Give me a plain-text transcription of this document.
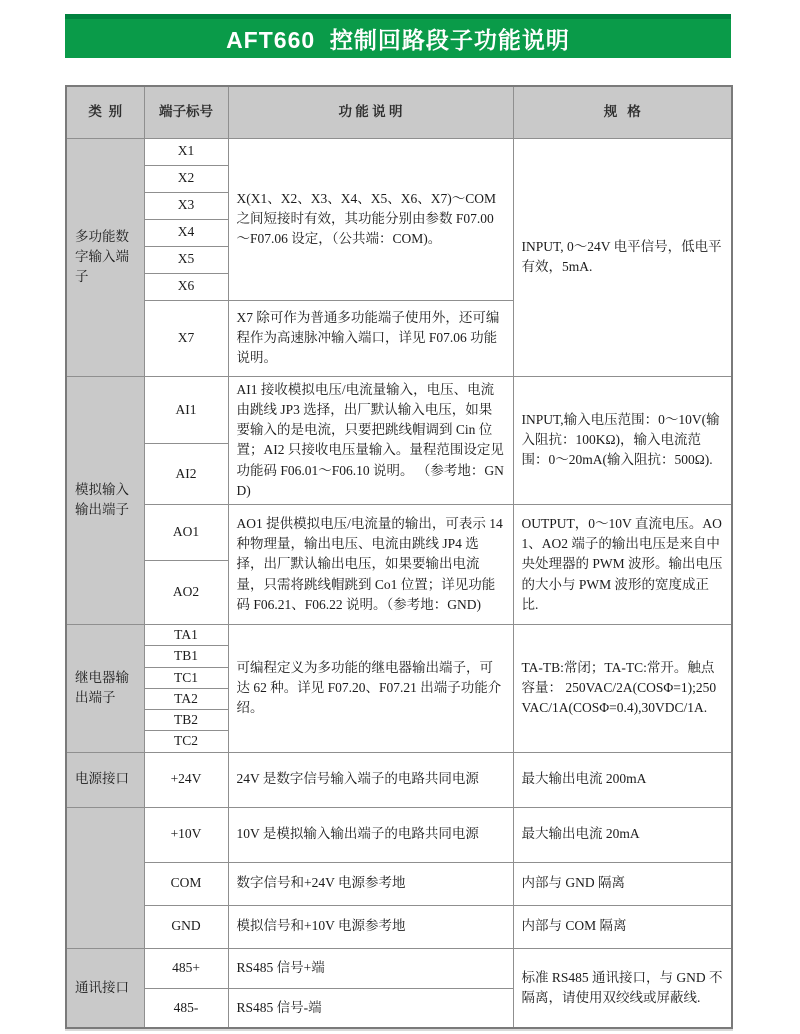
AFT660  控制回路段子功能说明
类  别	端子标号	功 能 说 明	规   格
多功能数字输入端子	X1	X(X1、X2、X3、X4、X5、X6、X7)～COM 之间短接时有效，其功能分别由参数 F07.00～F07.06 设定，（公共端：COM)。	INPUT, 0～24V 电平信号，低电平有效，5mA.
	X2		
	X3		
	X4		
	X5		
	X6		
	X7	X7 除可作为普通多功能端子使用外，还可编程作为高速脉冲输入端口，详见 F07.06 功能说明。	
模拟输入输出端子	AI1	AI1 接收模拟电压/电流量输入，电压、电流由跳线 JP3 选择，出厂默认输入电压，如果要输入的是电流，只要把跳线帽调到 Cin 位置；AI2 只接收电压量输入。量程范围设定见功能码 F06.01～F06.10 说明。 （参考地：GND)	INPUT,输入电压范围：0～10V(输入阻抗：100KΩ)，输入电流范围：0～20mA(输入阻抗：500Ω).
	AI2		
	AO1	AO1 提供模拟电压/电流量的输出，可表示 14 种物理量，输出电压、电流由跳线 JP4 选择，出厂默认输出电压，如果要输出电流量，只需将跳线帽跳到 Co1 位置；详见功能码 F06.21、F06.22 说明。（参考地：GND)	OUTPUT，0～10V 直流电压。AO1、AO2 端子的输出电压是来自中央处理器的 PWM 波形。输出电压的大小与 PWM 波形的宽度成正比.
	AO2		
继电器输出端子	TA1	可编程定义为多功能的继电器输出端子，可达 62 种。详见 F07.20、F07.21 出端子功能介绍。	TA-TB:常闭；TA-TC:常开。触点容量： 250VAC/2A(COSΦ=1);250VAC/1A(COSΦ=0.4),30VDC/1A.
	TB1		
	TC1		
	TA2		
	TB2		
	TC2		
电源接口	+24V	24V 是数字信号输入端子的电路共同电源	最大输出电流 200mA
	+10V	10V 是模拟输入输出端子的电路共同电源	最大输出电流 20mA
	COM	数字信号和+24V 电源参考地	内部与 GND 隔离
	GND	模拟信号和+10V 电源参考地	内部与 COM 隔离
通讯接口	485+	RS485 信号+端	标准 RS485 通讯接口，与 GND 不隔离，请使用双绞线或屏蔽线.
	485-	RS485 信号-端	
